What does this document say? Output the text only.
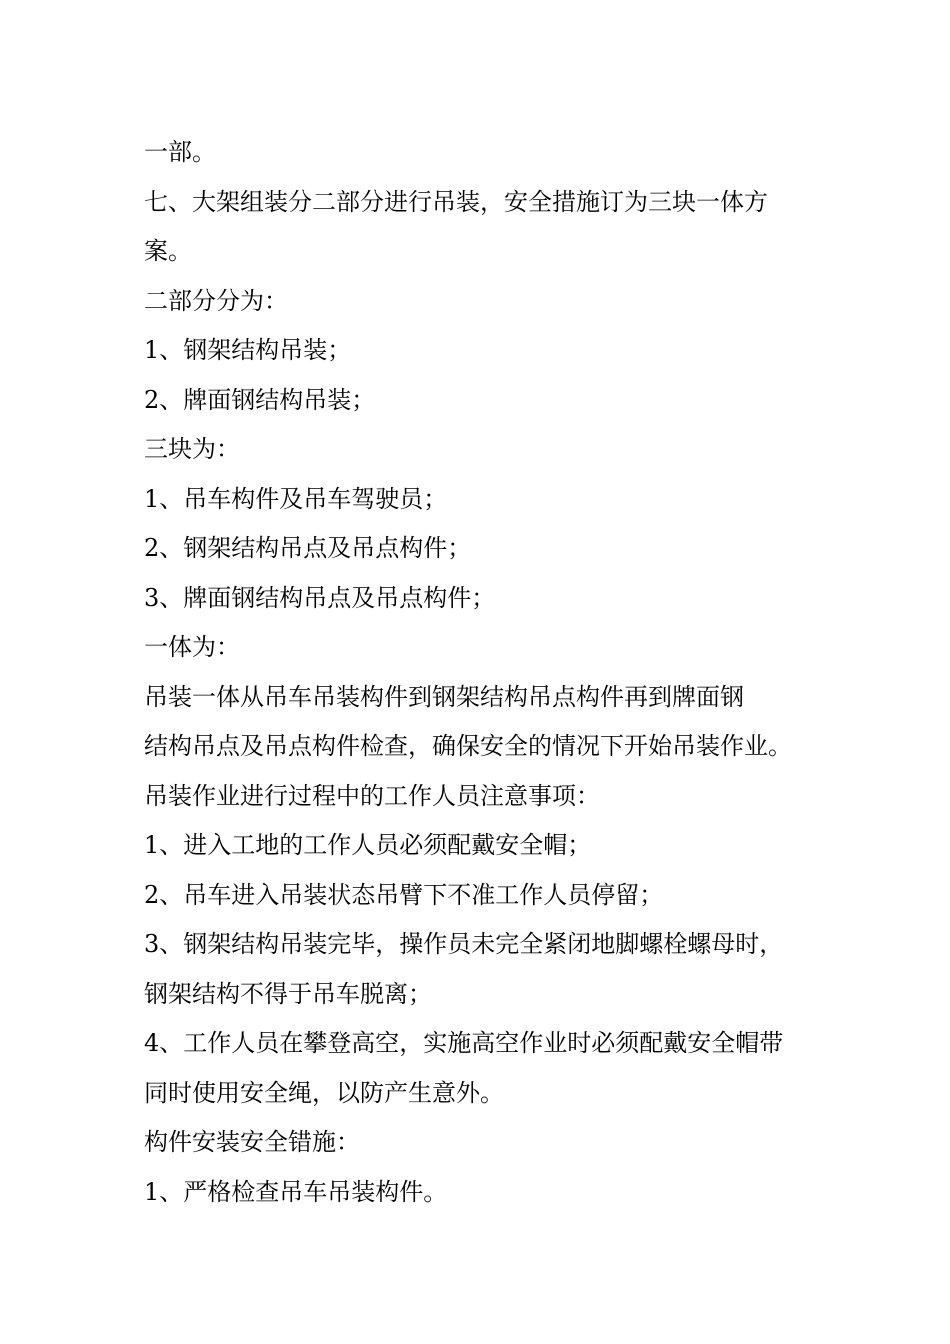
一部。
七、大架组装分二部分进行吊装，安全措施订为三块一体方
案。
二部分分为：
1、钢架结构吊装；
2、牌面钢结构吊装；
三块为：
1、吊车构件及吊车驾驶员；
2、钢架结构吊点及吊点构件；
3、牌面钢结构吊点及吊点构件；
一体为：
吊装一体从吊车吊装构件到钢架结构吊点构件再到牌面钢
结构吊点及吊点构件检查，确保安全的情况下开始吊装作业。
吊装作业进行过程中的工作人员注意事项：
1、进入工地的工作人员必须配戴安全帽；
2、吊车进入吊装状态吊臂下不准工作人员停留；
3、钢架结构吊装完毕，操作员未完全紧闭地脚螺栓螺母时，
钢架结构不得于吊车脱离；
4、工作人员在攀登高空，实施高空作业时必须配戴安全帽带
同时使用安全绳，以防产生意外。
构件安装安全错施：
1、严格检查吊车吊装构件。
